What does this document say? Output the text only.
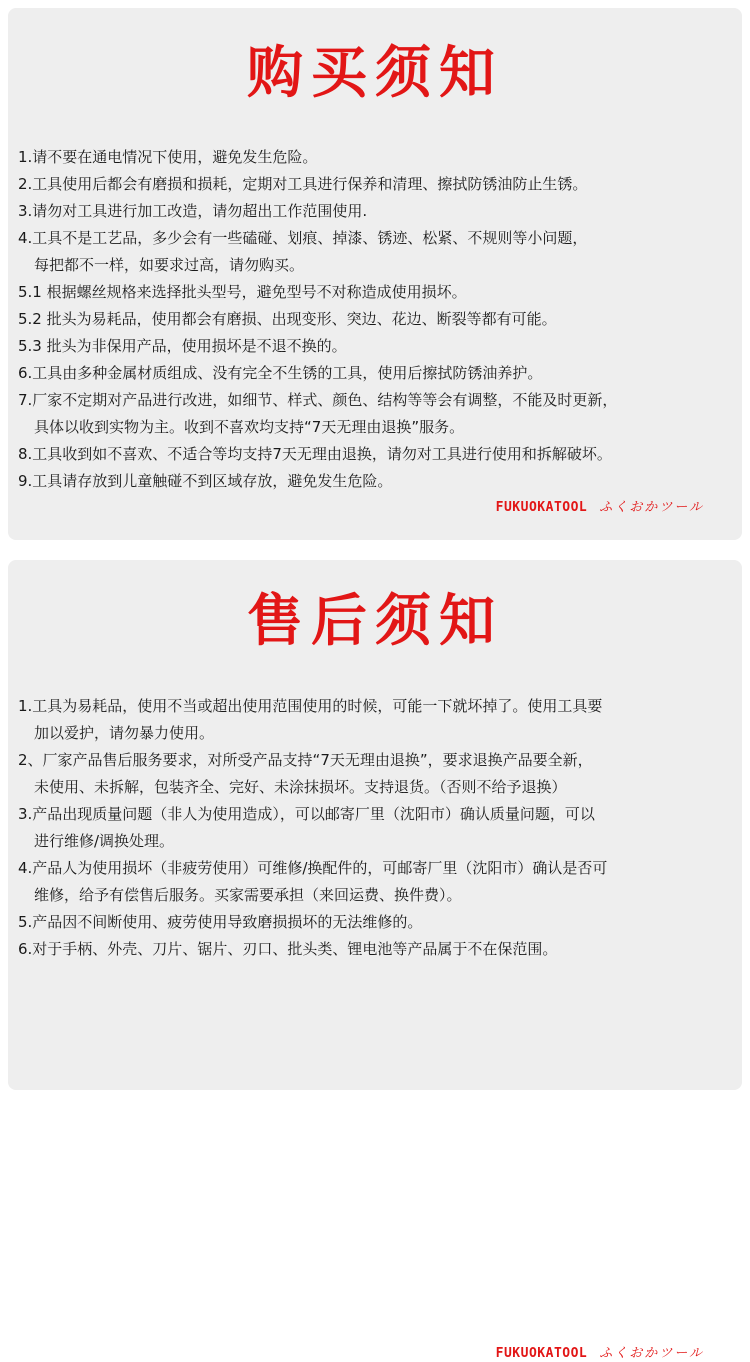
购买须知
1.请不要在通电情况下使用，避免发生危险。
2.工具使用后都会有磨损和损耗，定期对工具进行保养和清理、擦拭防锈油防止生锈。
3.请勿对工具进行加工改造，请勿超出工作范围使用.
4.工具不是工艺品，多少会有一些磕碰、划痕、掉漆、锈迹、松紧、不规则等小问题，
每把都不一样，如要求过高，请勿购买。
5.1 根据螺丝规格来选择批头型号，避免型号不对称造成使用损坏。
5.2 批头为易耗品，使用都会有磨损、出现变形、突边、花边、断裂等都有可能。
5.3 批头为非保用产品，使用损坏是不退不换的。
6.工具由多种金属材质组成、没有完全不生锈的工具，使用后擦拭防锈油养护。
7.厂家不定期对产品进行改进，如细节、样式、颜色、结构等等会有调整，不能及时更新，
具体以收到实物为主。收到不喜欢均支持“7天无理由退换”服务。
8.工具收到如不喜欢、不适合等均支持7天无理由退换，请勿对工具进行使用和拆解破坏。
9.工具请存放到儿童触碰不到区域存放，避免发生危险。
FUKUOKATOOL ふくおかツール
售后须知
1.工具为易耗品，使用不当或超出使用范围使用的时候，可能一下就坏掉了。使用工具要
加以爱护，请勿暴力使用。
2、厂家产品售后服务要求，对所受产品支持“7天无理由退换”，要求退换产品要全新，
未使用、未拆解，包装齐全、完好、未涂抹损坏。支持退货。（否则不给予退换）
3.产品出现质量问题（非人为使用造成），可以邮寄厂里（沈阳市）确认质量问题，可以
进行维修/调换处理。
4.产品人为使用损坏（非疲劳使用）可维修/换配件的，可邮寄厂里（沈阳市）确认是否可
维修，给予有偿售后服务。买家需要承担（来回运费、换件费）。
5.产品因不间断使用、疲劳使用导致磨损损坏的无法维修的。
6.对于手柄、外壳、刀片、锯片、刃口、批头类、锂电池等产品属于不在保范围。
FUKUOKATOOL ふくおかツール
